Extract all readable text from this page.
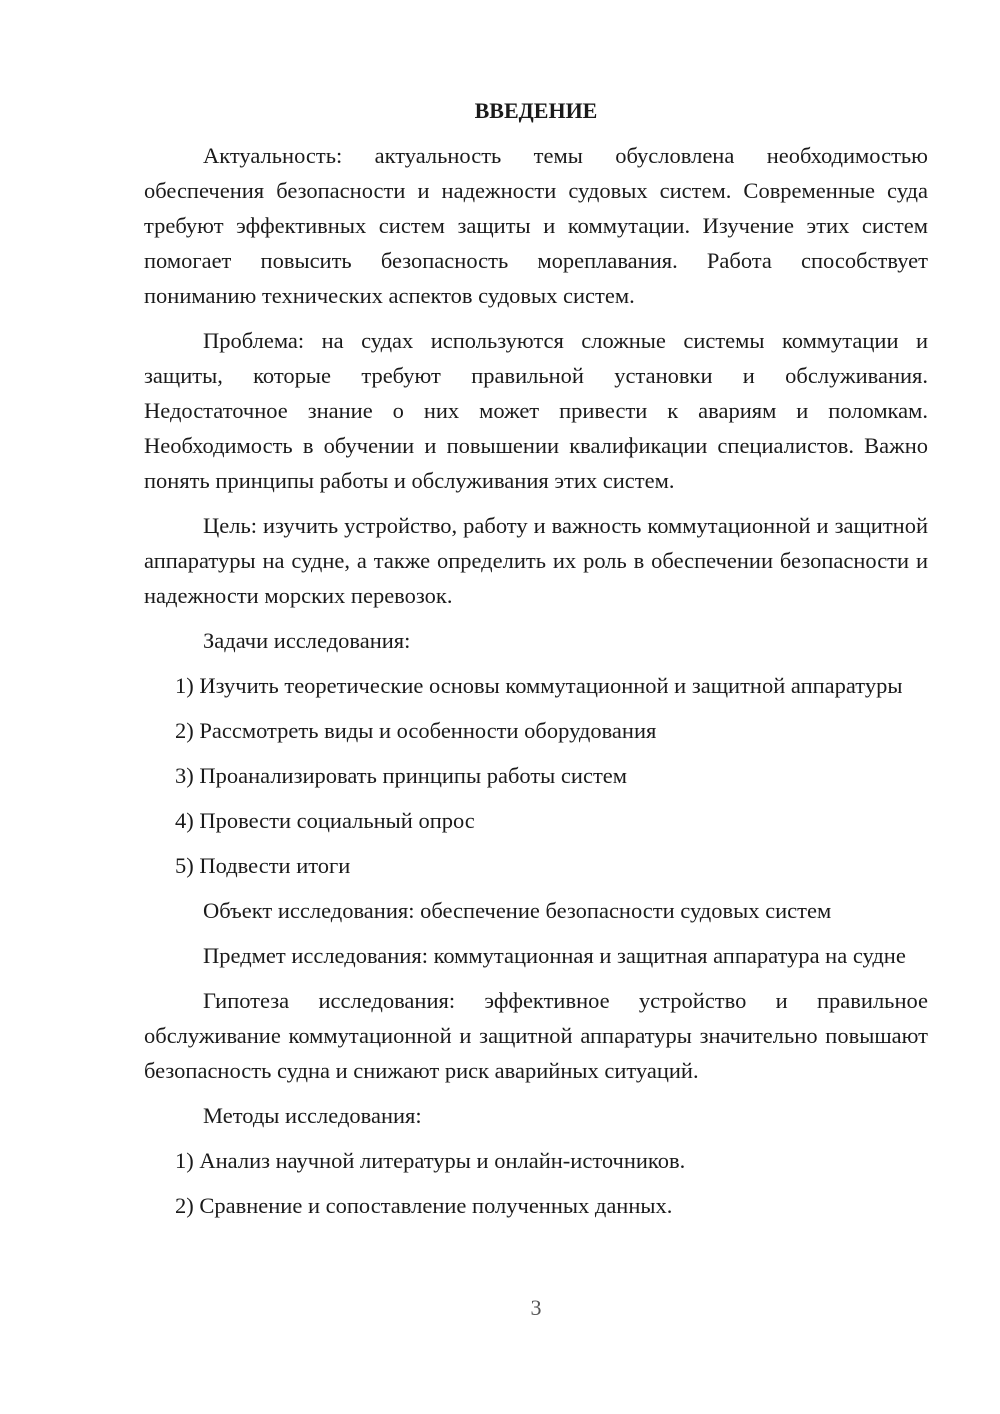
ВВЕДЕНИЕ

Актуальность: актуальность темы обусловлена необходимостью обеспечения безопасности и надежности судовых систем. Современные суда требуют эффективных систем защиты и коммутации. Изучение этих систем помогает повысить безопасность мореплавания. Работа способствует пониманию технических аспектов судовых систем.

Проблема: на судах используются сложные системы коммутации и защиты, которые требуют правильной установки и обслуживания. Недостаточное знание о них может привести к авариям и поломкам. Необходимость в обучении и повышении квалификации специалистов. Важно понять принципы работы и обслуживания этих систем.

Цель: изучить устройство, работу и важность коммутационной и защитной аппаратуры на судне, а также определить их роль в обеспечении безопасности и надежности морских перевозок.

Задачи исследования:

1) Изучить теоретические основы коммутационной и защитной аппаратуры

2) Рассмотреть виды и особенности оборудования

3) Проанализировать принципы работы систем

4) Провести социальный опрос

5) Подвести итоги

Объект исследования: обеспечение безопасности судовых систем

Предмет исследования: коммутационная и защитная аппаратура на судне

Гипотеза исследования: эффективное устройство и правильное обслуживание коммутационной и защитной аппаратуры значительно повышают безопасность судна и снижают риск аварийных ситуаций.

Методы исследования:

1) Анализ научной литературы и онлайн-источников.

2) Сравнение и сопоставление полученных данных.

3
